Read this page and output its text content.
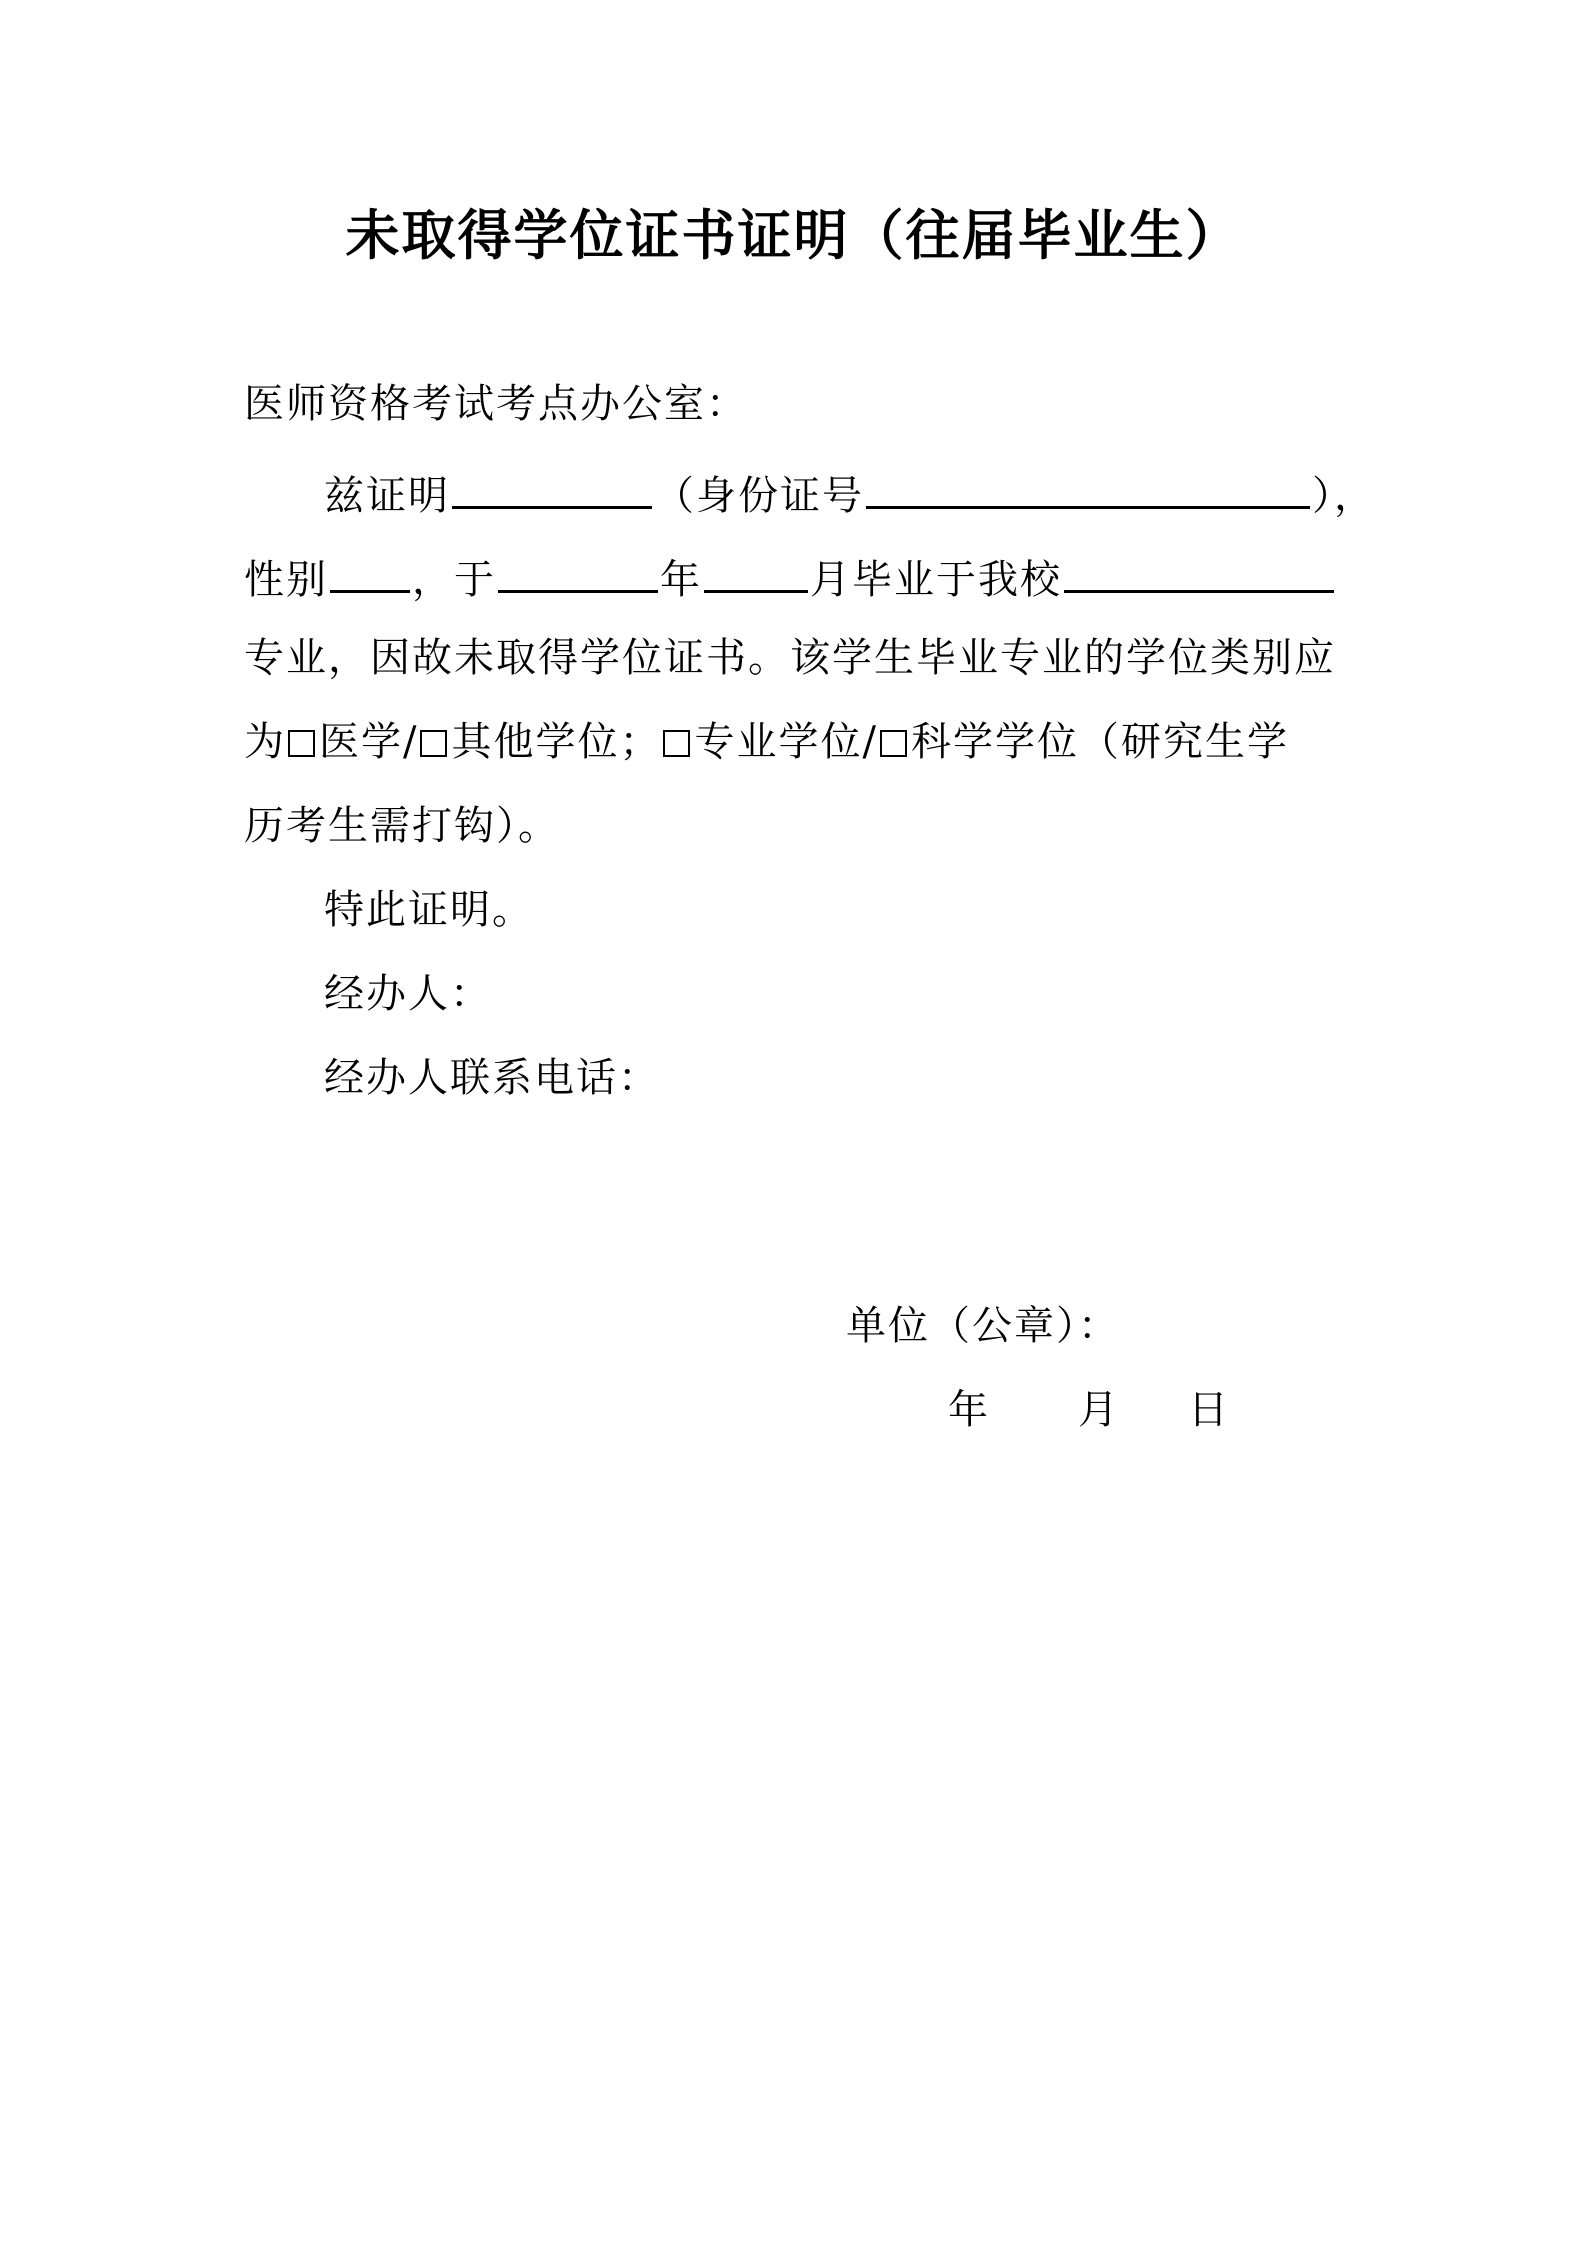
未取得学位证书证明（往届毕业生）
医师资格考试考点办公室：
兹证明	（身份证号	），
性别 ，于	年	月毕业于我校
专业，因故未取得学位证书。该学生毕业专业的学位类别应
为 医学/ 其他学位； 专业学位/ 科学学位（研究生学
历考生需打钩）。
特此证明。
经办人：
经办人联系电话：
单位（公章）：
年 月 日
